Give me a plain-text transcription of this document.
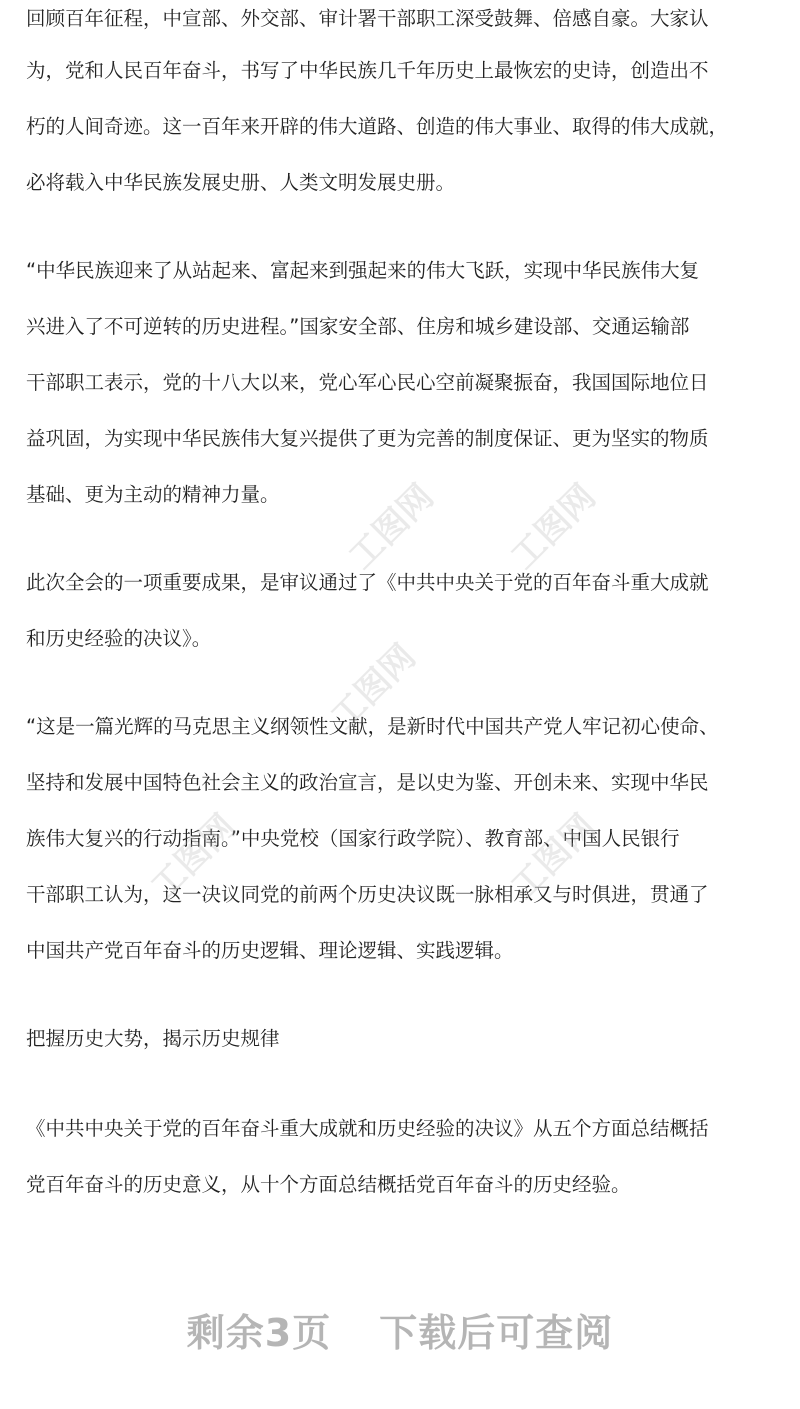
回顾百年征程，中宣部、外交部、审计署干部职工深受鼓舞、倍感自豪。大家认
为，党和人民百年奋斗，书写了中华民族几千年历史上最恢宏的史诗，创造出不
朽的人间奇迹。这一百年来开辟的伟大道路、创造的伟大事业、取得的伟大成就，
必将载入中华民族发展史册、人类文明发展史册。
“中华民族迎来了从站起来、富起来到强起来的伟大飞跃，实现中华民族伟大复
兴进入了不可逆转的历史进程。”国家安全部、住房和城乡建设部、交通运输部
干部职工表示，党的十八大以来，党心军心民心空前凝聚振奋，我国国际地位日
益巩固，为实现中华民族伟大复兴提供了更为完善的制度保证、更为坚实的物质
基础、更为主动的精神力量。
此次全会的一项重要成果，是审议通过了《中共中央关于党的百年奋斗重大成就
和历史经验的决议》。
“这是一篇光辉的马克思主义纲领性文献，是新时代中国共产党人牢记初心使命、
坚持和发展中国特色社会主义的政治宣言，是以史为鉴、开创未来、实现中华民
族伟大复兴的行动指南。”中央党校（国家行政学院）、教育部、中国人民银行
干部职工认为，这一决议同党的前两个历史决议既一脉相承又与时俱进，贯通了
中国共产党百年奋斗的历史逻辑、理论逻辑、实践逻辑。
把握历史大势，揭示历史规律
《中共中央关于党的百年奋斗重大成就和历史经验的决议》从五个方面总结概括
党百年奋斗的历史意义，从十个方面总结概括党百年奋斗的历史经验。
工图网 工图网
工图网
工图网	工图网
剩余3页 下载后可查阅
